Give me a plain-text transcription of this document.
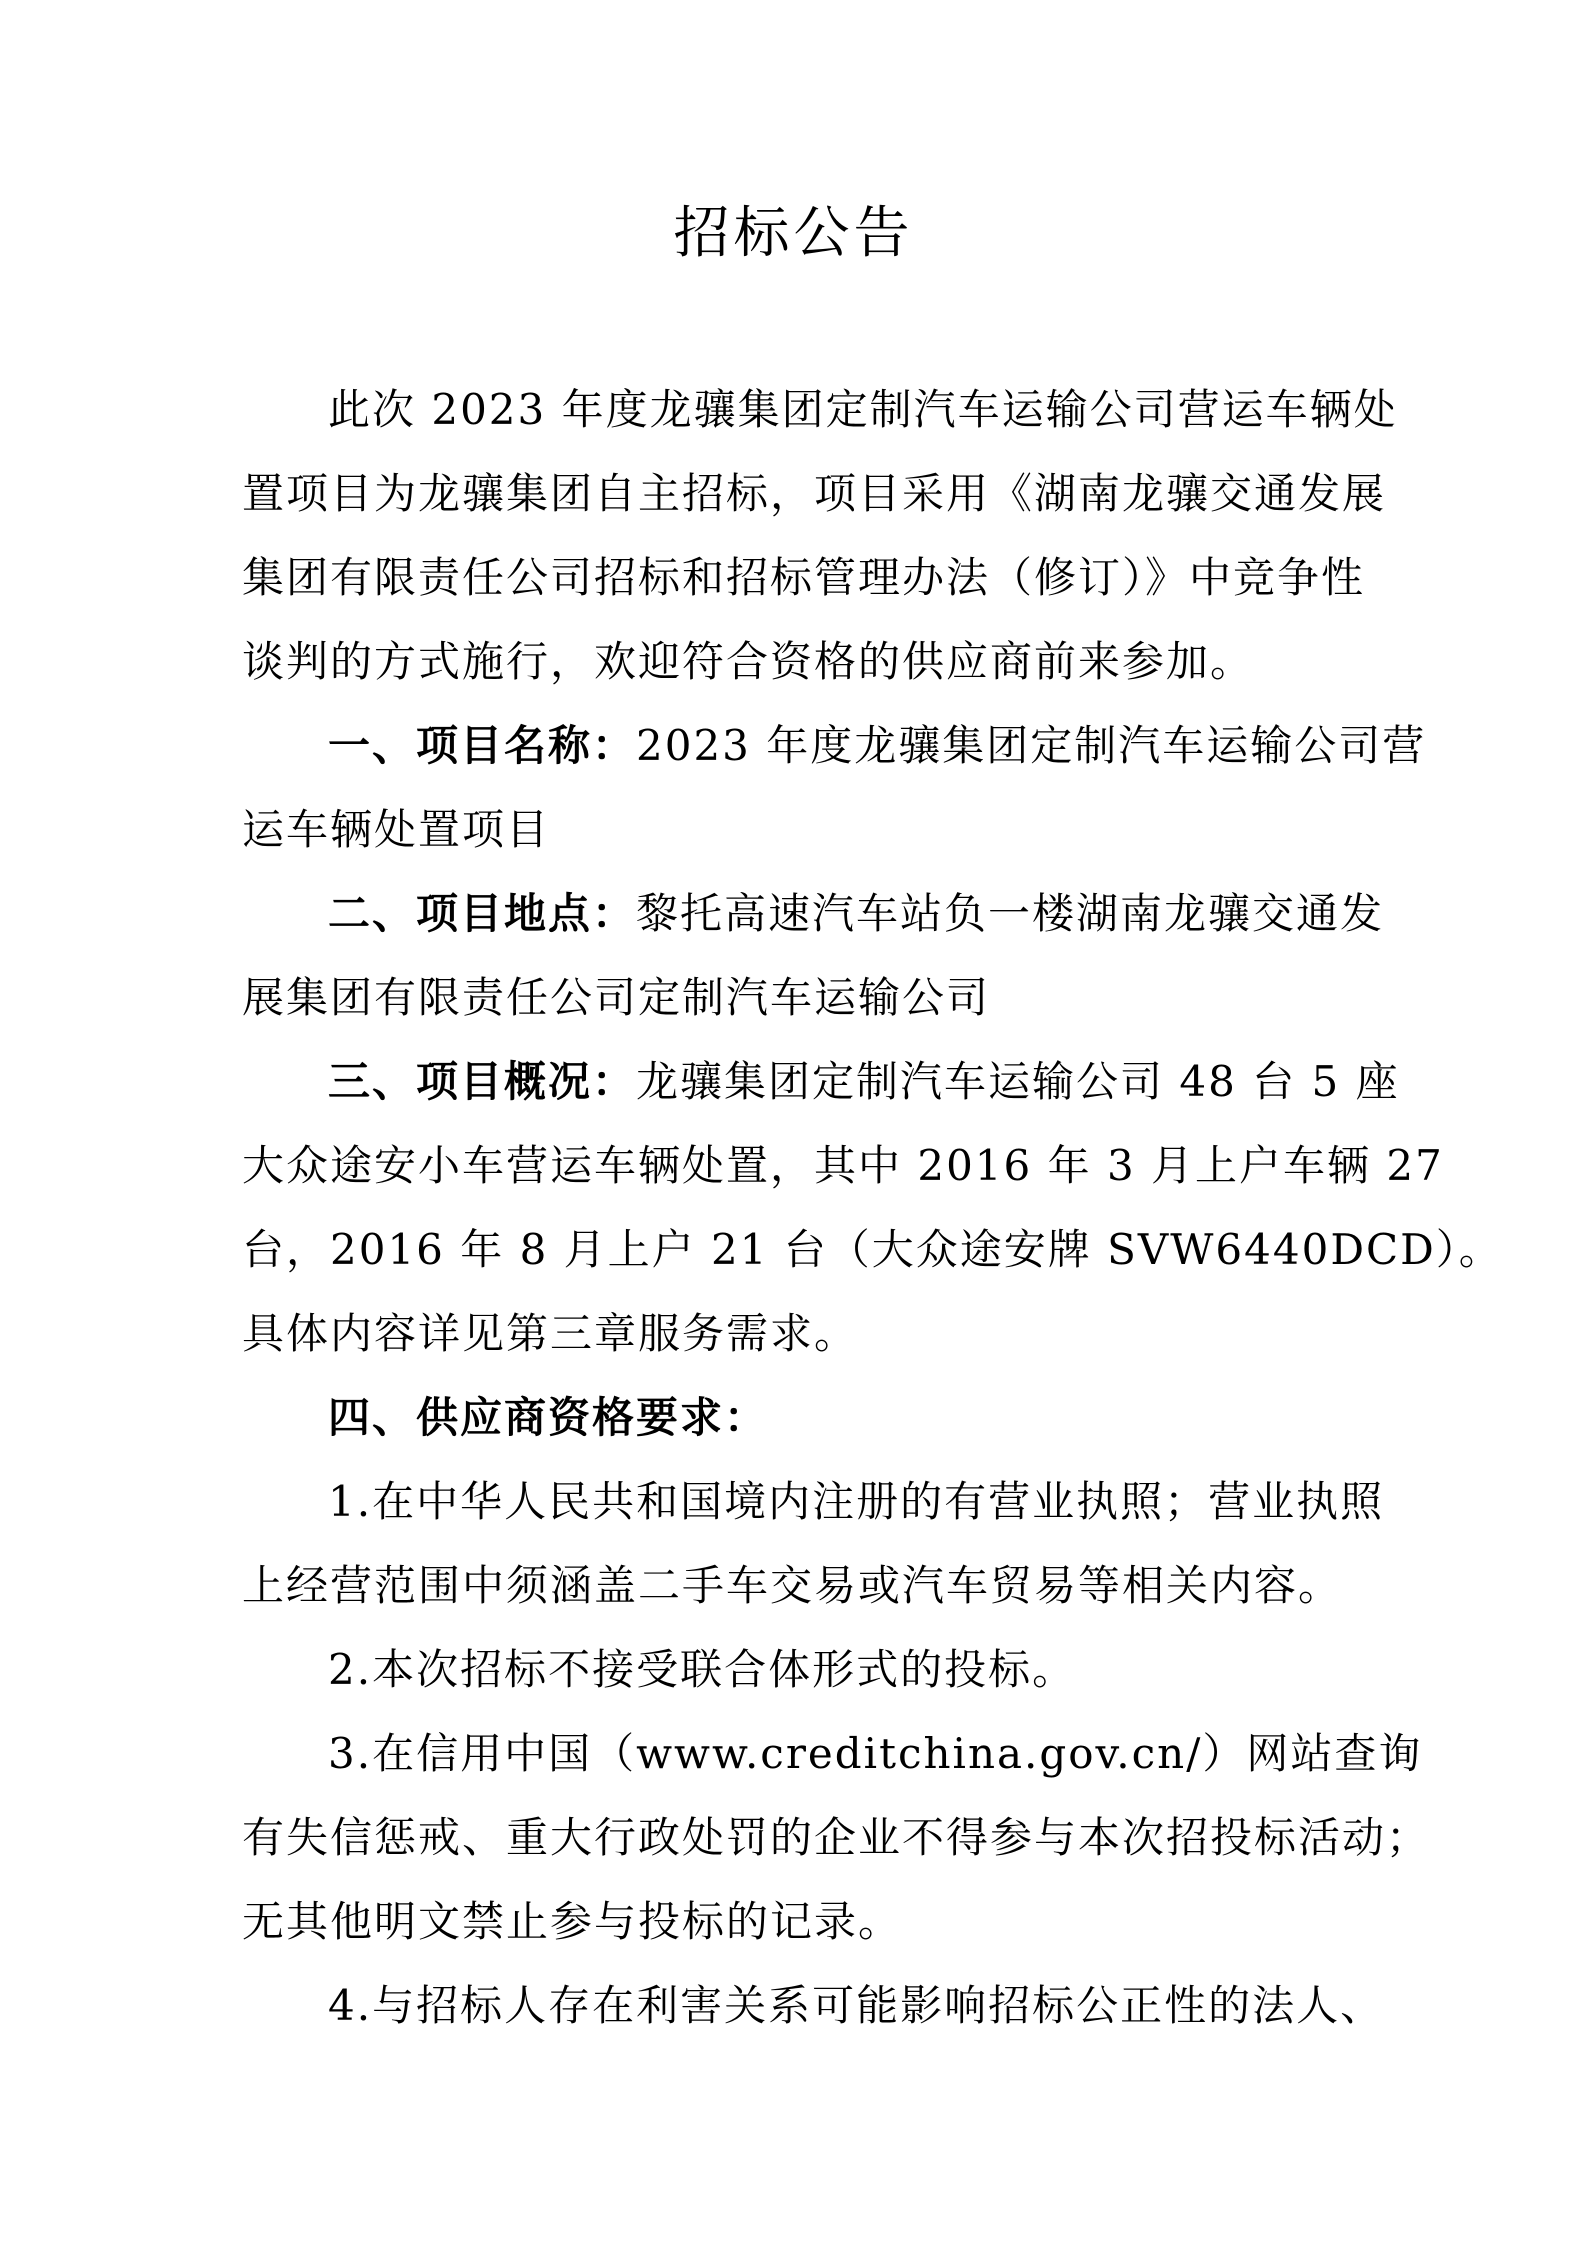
招标公告
此次 2023 年度龙骧集团定制汽车运输公司营运车辆处
置项目为龙骧集团自主招标，项目采用《湖南龙骧交通发展
集团有限责任公司招标和招标管理办法（修订）》中竞争性
谈判的方式施行，欢迎符合资格的供应商前来参加。
一、项目名称：2023 年度龙骧集团定制汽车运输公司营
运车辆处置项目
二、项目地点：黎托高速汽车站负一楼湖南龙骧交通发
展集团有限责任公司定制汽车运输公司
三、项目概况：龙骧集团定制汽车运输公司 48 台 5 座
大众途安小车营运车辆处置，其中 2016 年 3 月上户车辆 27
台，2016 年 8 月上户 21 台（大众途安牌 SVW6440DCD）。
具体内容详见第三章服务需求。
四、供应商资格要求：
1.在中华人民共和国境内注册的有营业执照；营业执照
上经营范围中须涵盖二手车交易或汽车贸易等相关内容。
2.本次招标不接受联合体形式的投标。
3.在信用中国（www.creditchina.gov.cn/）网站查询
有失信惩戒、重大行政处罚的企业不得参与本次招投标活动；
无其他明文禁止参与投标的记录。
4.与招标人存在利害关系可能影响招标公正性的法人、
